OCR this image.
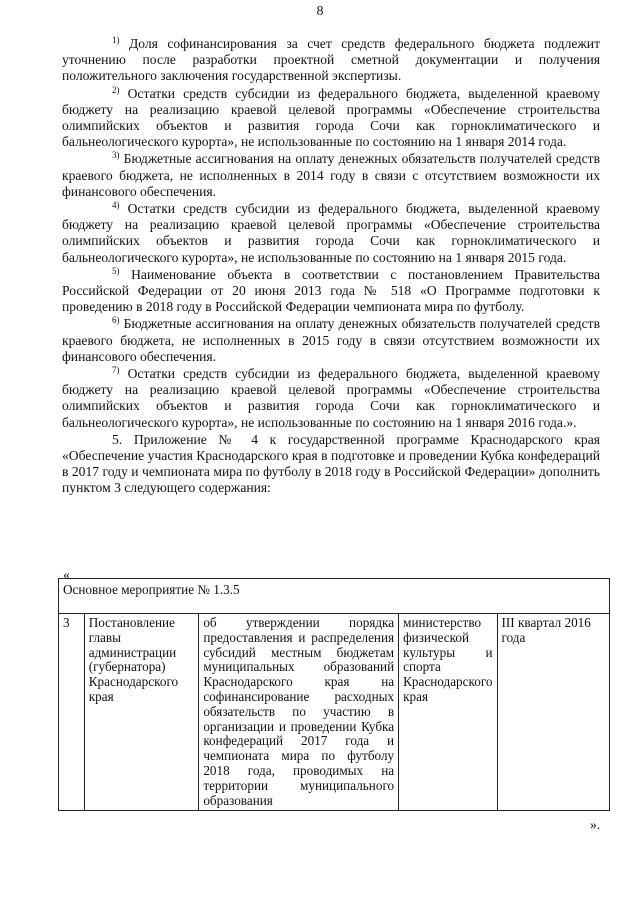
8

$^{1)}$ Доля софинансирования за счет средств федерального бюджета подлежит уточнению после разработки проектной сметной документации и получения положительного заключения государственной экспертизы.

$^{2)}$ Остатки средств субсидии из федерального бюджета, выделенной краевому бюджету на реализацию краевой целевой программы «Обеспечение строительства олимпийских объектов и развития города Сочи как горноклиматического и бальнеологического курорта», не использованные по состоянию на 1 января 2014 года.

$^{3)}$ Бюджетные ассигнования на оплату денежных обязательств получателей средств краевого бюджета, не исполненных в 2014 году в связи с отсутствием возможности их финансового обеспечения.

$^{4)}$ Остатки средств субсидии из федерального бюджета, выделенной краевому бюджету на реализацию краевой целевой программы «Обеспечение строительства олимпийских объектов и развития города Сочи как горноклиматического и бальнеологического курорта», не использованные по состоянию на 1 января 2015 года.

$^{5)}$ Наименование объекта в соответствии с постановлением Правительства Российской Федерации от 20 июня 2013 года № 518 «О Программе подготовки к проведению в 2018 году в Российской Федерации чемпионата мира по футболу.

$^{6)}$ Бюджетные ассигнования на оплату денежных обязательств получателей средств краевого бюджета, не исполненных в 2015 году в связи отсутствием возможности их финансового обеспечения.

$^{7)}$ Остатки средств субсидии из федерального бюджета, выделенной краевому бюджету на реализацию краевой целевой программы «Обеспечение строительства олимпийских объектов и развития города Сочи как горноклиматического и бальнеологического курорта», не использованные по состоянию на 1 января 2016 года.».

5. Приложение № 4 к государственной программе Краснодарского края «Обеспечение участия Краснодарского края в подготовке и проведении Кубка конфедераций в 2017 году и чемпионата мира по футболу в 2018 году в Российской Федерации» дополнить пунктом 3 следующего содержания:

«
Основное мероприятие № 1.3.5
3	Постановление главы администрации (губернатора) Краснодарского края	об утверждении порядка предоставления и распределения субсидий местным бюджетам муниципальных образований Краснодарского края на софинансирование расходных обязательств по участию в организации и проведении Кубка конфедераций 2017 года и чемпионата мира по футболу 2018 года, проводимых на территории муниципального образования	министерство физической культуры и спорта Краснодарского края	III квартал 2016 года
».
